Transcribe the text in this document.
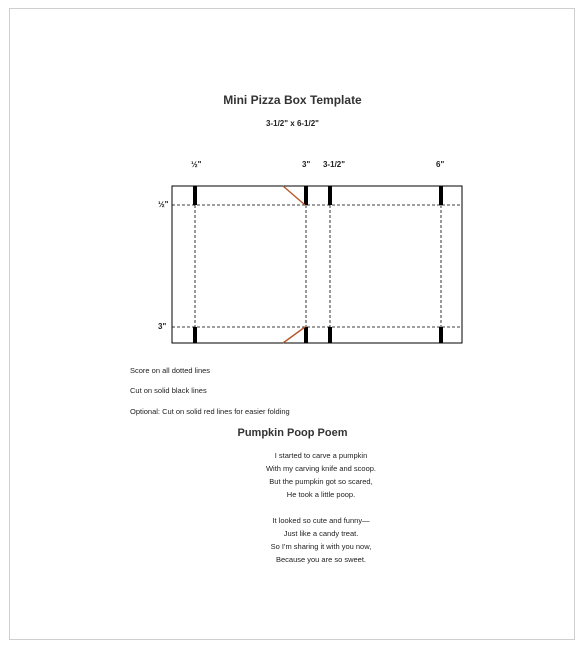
Mini Pizza Box Template
3-1/2" x 6-1/2"
½"	3" 3-1/2"	6"
½"
3"
Score on all dotted lines
Cut on solid black lines
Optional: Cut on solid red lines for easier folding
Pumpkin Poop Poem
I started to carve a pumpkin
With my carving knife and scoop.
But the pumpkin got so scared,
He took a little poop.
It looked so cute and funny—
Just like a candy treat.
So I'm sharing it with you now,
Because you are so sweet.
